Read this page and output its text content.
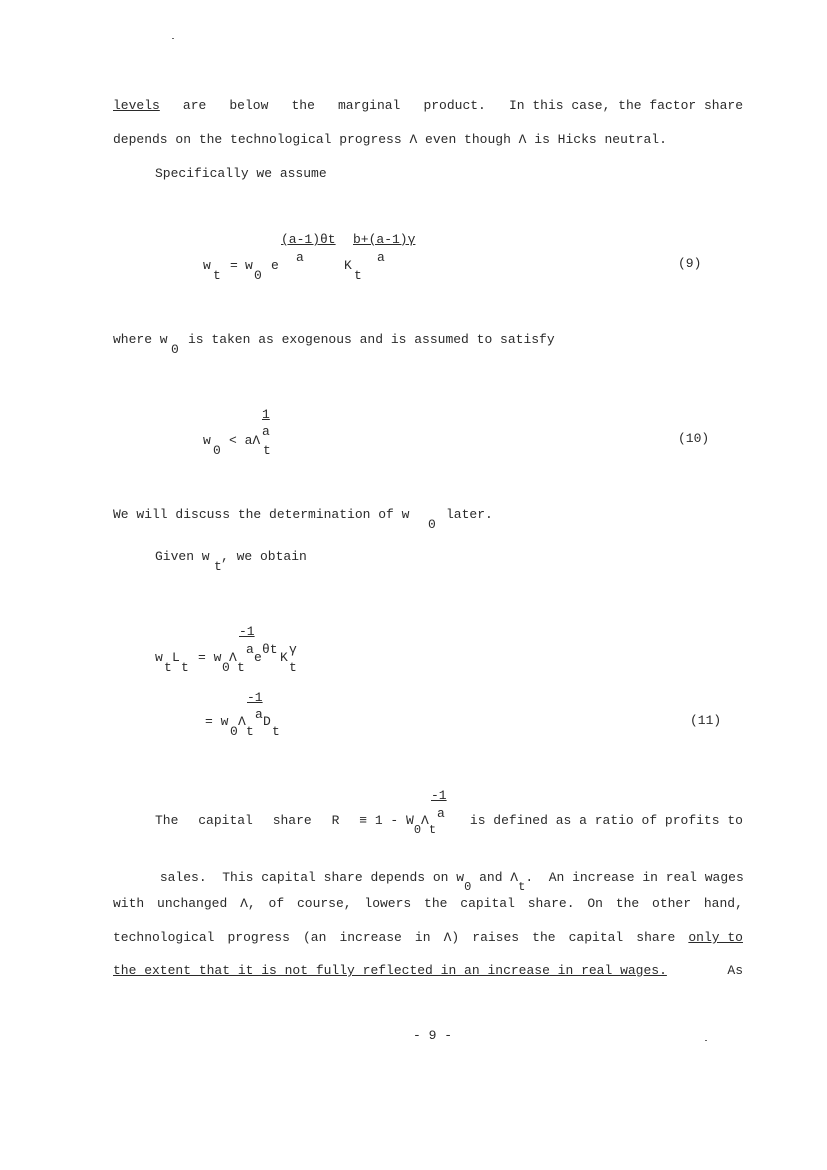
levels are below the marginal product. In this case, the factor share
depends on the technological progress Λ even though Λ is Hicks neutral.
Specifically we assume
(a-1)θt
a
b+(a-1)γ
a
w
t
= w
0
e	K
t
(9)
where w
0
is taken as exogenous and is assumed to satisfy
1
a
w
0
< aΛ
t
(10)
We will discuss the determination of w
0
later.
Given w
t
, we obtain
-1
a
w
t
L
t
= w
0
Λ
t
e
θt
K
γ
t
-1
a
= w
0
Λ
t
D
t
(11)
-1
a
The capital share R ≡ 1 - W0Λt
is defined as a ratio of profits to

sales. This capital share depends on w0 and Λt.  An increase in real wages

with unchanged Λ, of course, lowers the capital share. On the other hand,
technological progress (an increase in Λ) raises the capital share only to
the extent that it is not fully reflected in an increase in real wages.	As
- 9 -
